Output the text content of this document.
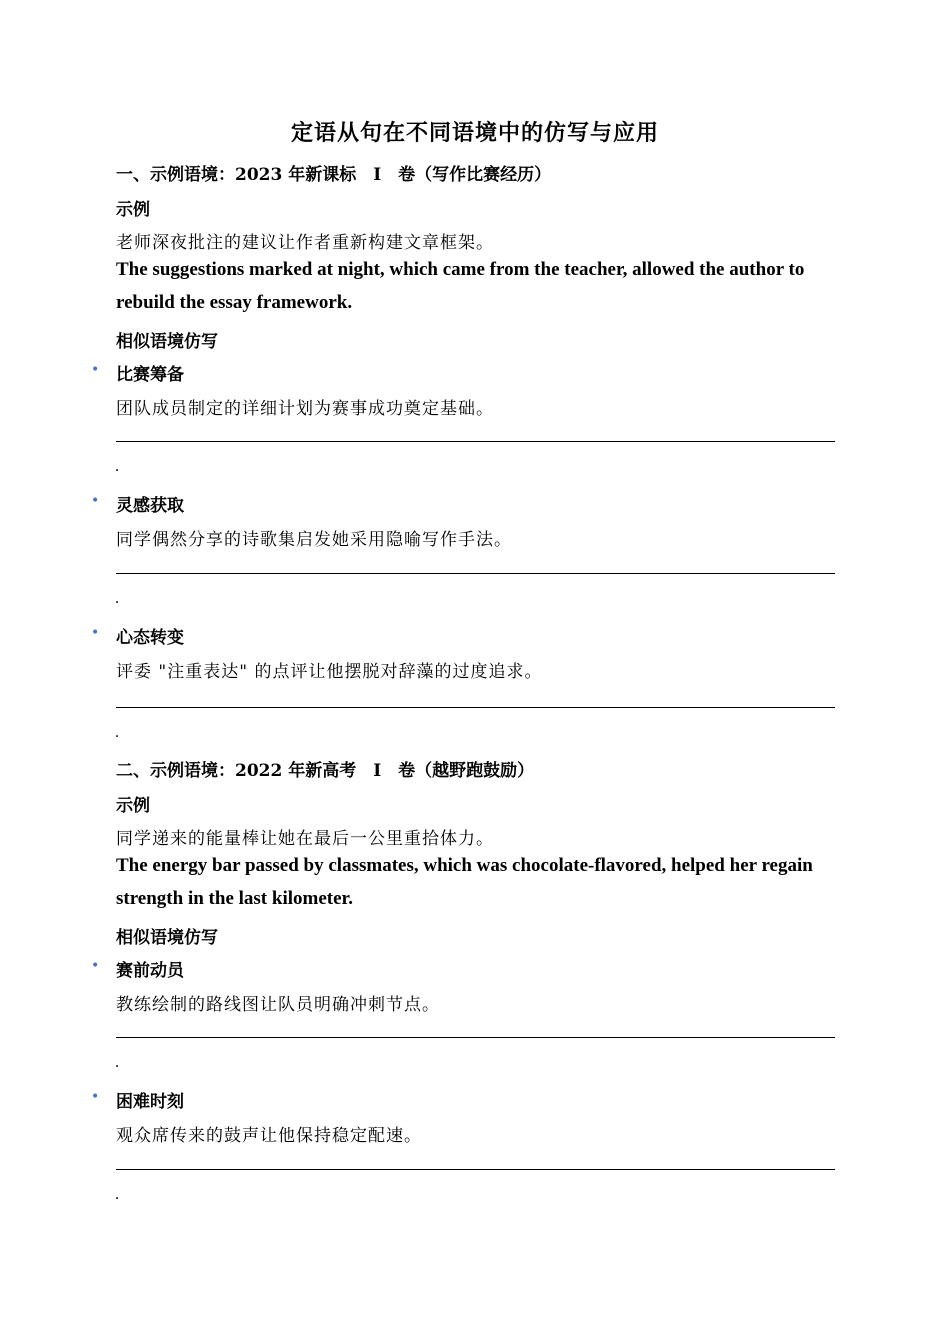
定语从句在不同语境中的仿写与应用
一、示例语境：2023 年新课标　Ⅰ　卷（写作比赛经历）
示例
老师深夜批注的建议让作者重新构建文章框架。
The suggestions marked at night, which came from the teacher, allowed the author to
rebuild the essay framework.
相似语境仿写
• 比赛筹备
团队成员制定的详细计划为赛事成功奠定基础。
.
• 灵感获取
同学偶然分享的诗歌集启发她采用隐喻写作手法。
.
• 心态转变
评委 "注重表达" 的点评让他摆脱对辞藻的过度追求。
.
二、示例语境：2022 年新高考　Ⅰ　卷（越野跑鼓励）
示例
同学递来的能量棒让她在最后一公里重拾体力。
The energy bar passed by classmates, which was chocolate-flavored, helped her regain
strength in the last kilometer.
相似语境仿写
• 赛前动员
教练绘制的路线图让队员明确冲刺节点。
.
• 困难时刻
观众席传来的鼓声让他保持稳定配速。
.
